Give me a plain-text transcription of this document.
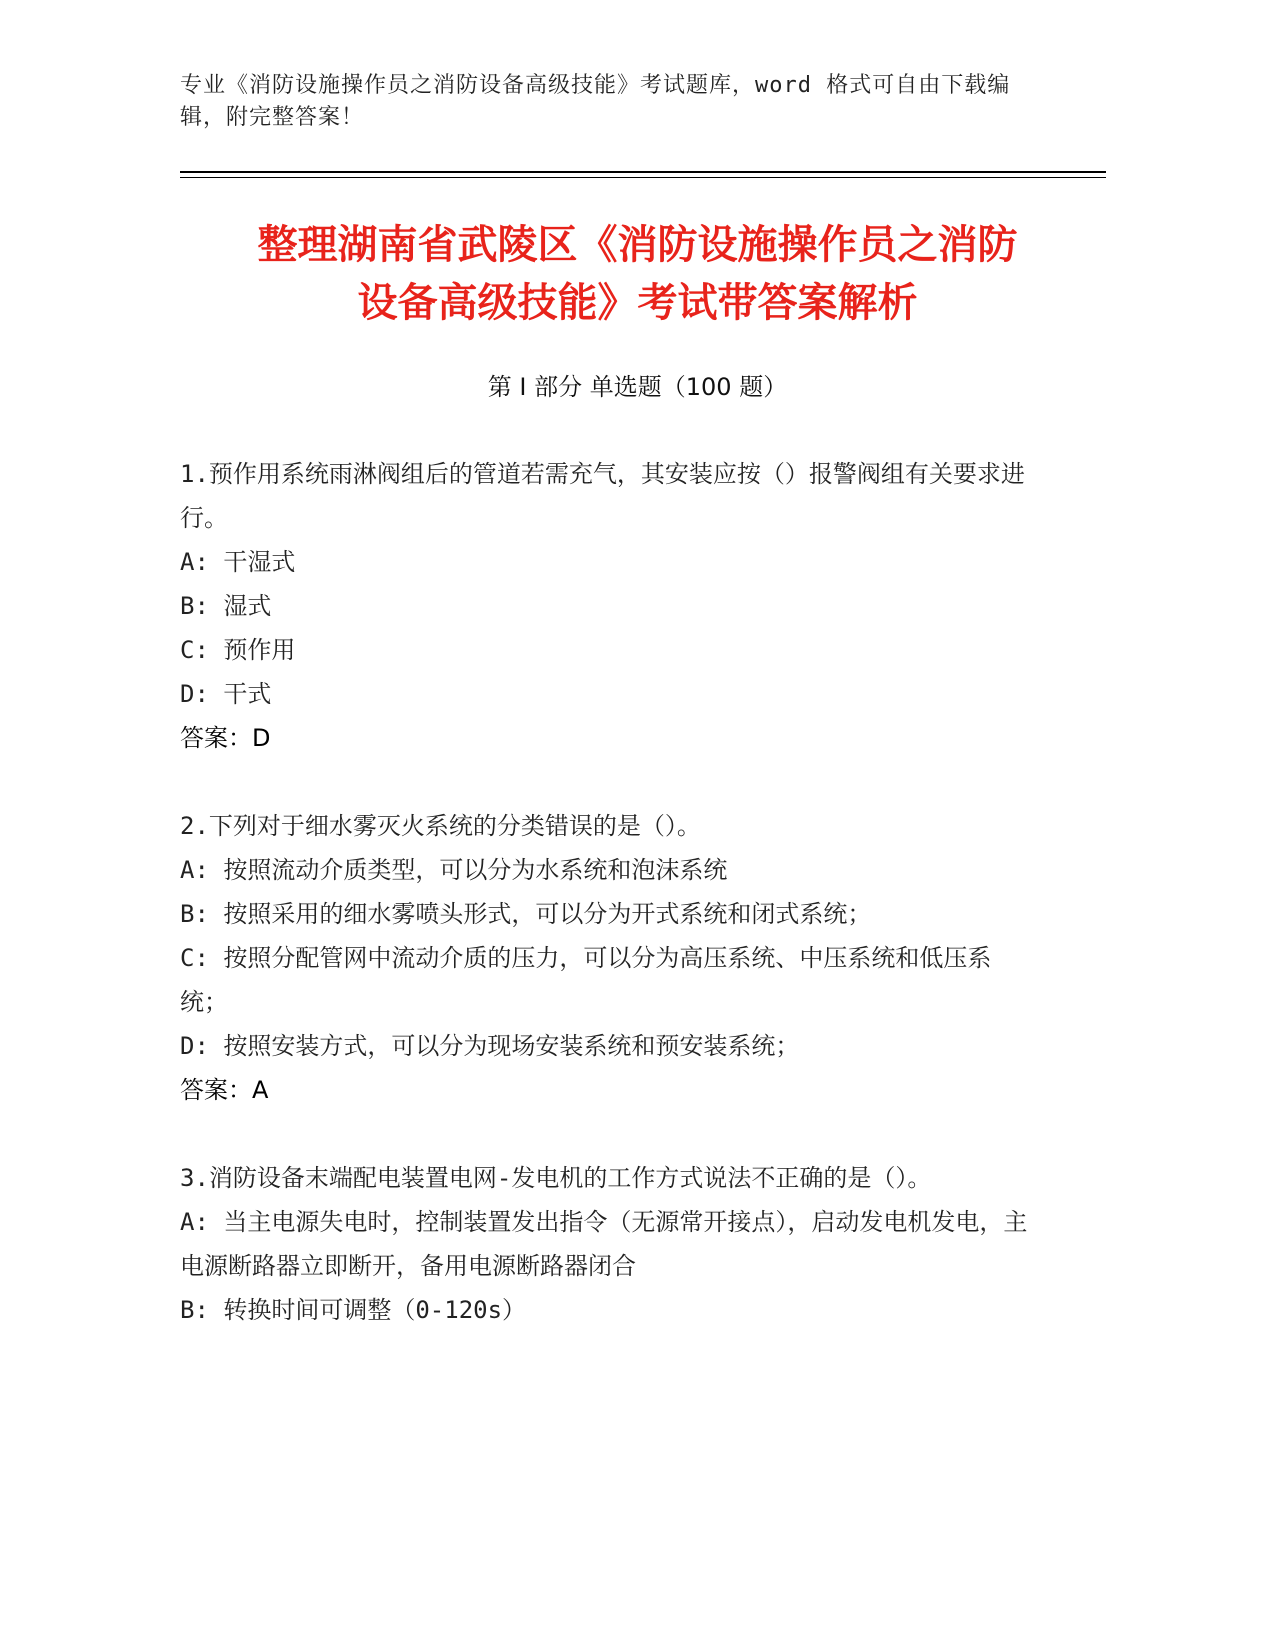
专业《消防设施操作员之消防设备高级技能》考试题库，word 格式可自由下载编辑，附完整答案！
整理湖南省武陵区《消防设施操作员之消防
设备高级技能》考试带答案解析
第 I 部分 单选题（100 题）
1.预作用系统雨淋阀组后的管道若需充气，其安装应按（）报警阀组有关要求进行。
A: 干湿式
B: 湿式
C: 预作用
D: 干式
答案：D
2.下列对于细水雾灭火系统的分类错误的是（）。
A: 按照流动介质类型，可以分为水系统和泡沫系统
B: 按照采用的细水雾喷头形式，可以分为开式系统和闭式系统；
C: 按照分配管网中流动介质的压力，可以分为高压系统、中压系统和低压系统；
D: 按照安装方式，可以分为现场安装系统和预安装系统；
答案：A
3.消防设备末端配电装置电网-发电机的工作方式说法不正确的是（）。
A: 当主电源失电时，控制装置发出指令（无源常开接点），启动发电机发电，主电源断路器立即断开，备用电源断路器闭合
B: 转换时间可调整（0-120s）
